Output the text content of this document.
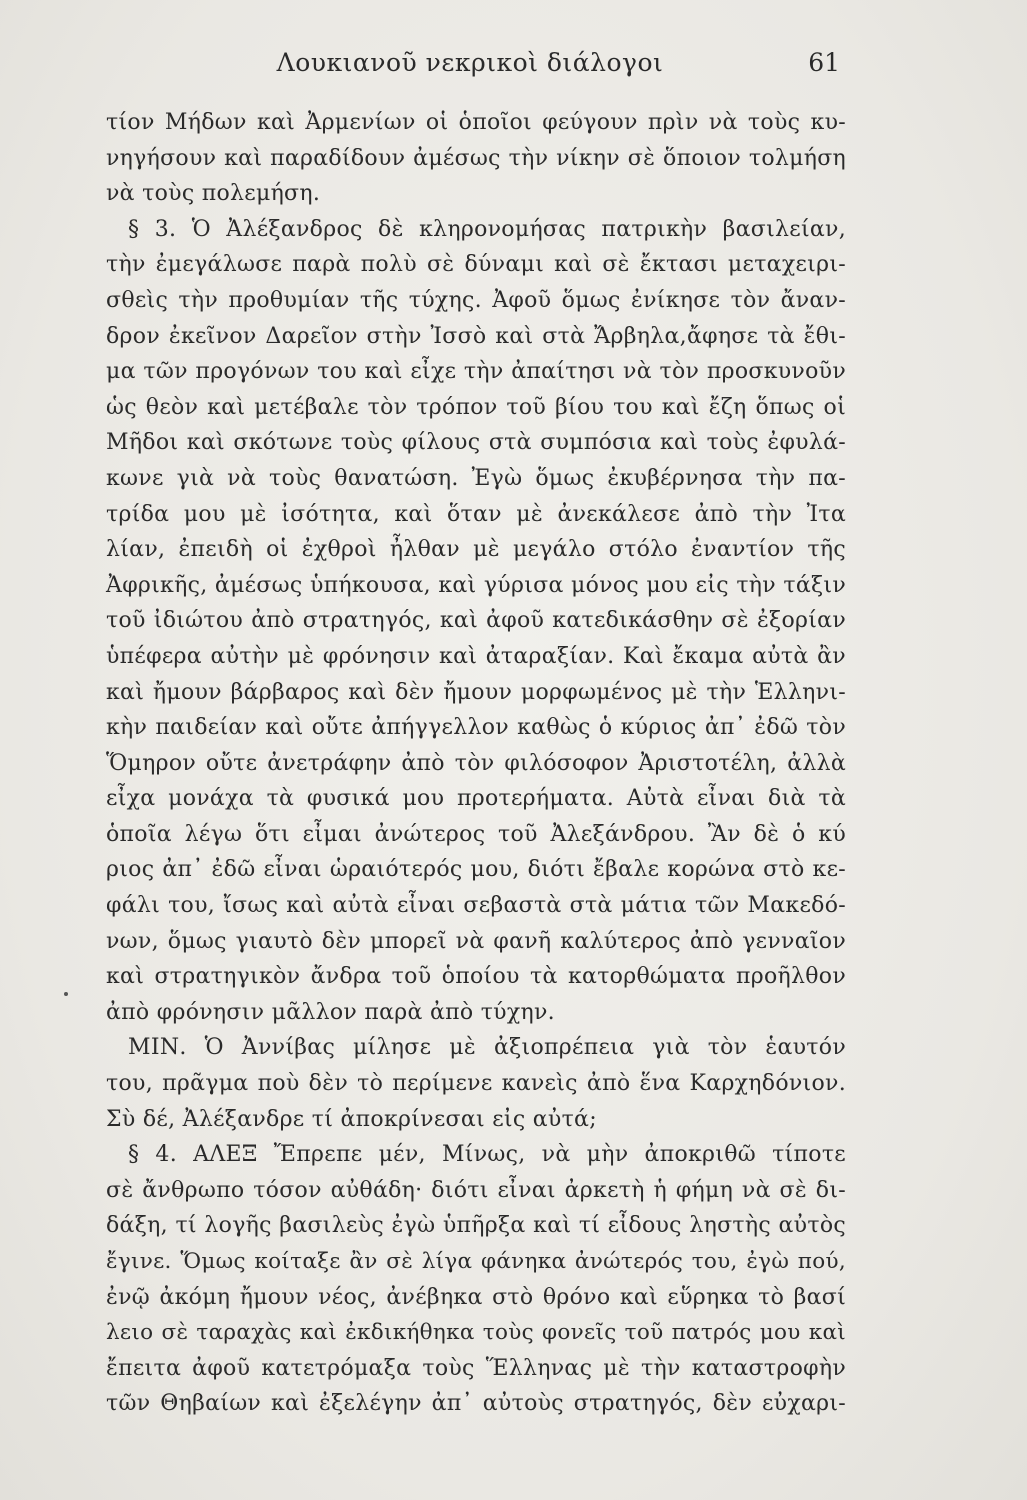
Λουκιανοῦ νεκρικοὶ διάλογοι	61
τίον Μήδων καὶ Ἀρμενίων οἱ ὁποῖοι φεύγουν πρὶν νὰ τοὺς κυ-
νηγήσουν καὶ παραδίδουν ἀμέσως τὴν νίκην σὲ ὅποιον τολμήση
νὰ τοὺς πολεμήση.
§ 3. Ὁ Ἀλέξανδρος δὲ κληρονομήσας πατρικὴν βασιλείαν,
τὴν ἐμεγάλωσε παρὰ πολὺ σὲ δύναμι καὶ σὲ ἔκτασι μεταχειρι-
σθεὶς τὴν προθυμίαν τῆς τύχης. Ἀφοῦ ὅμως ἐνίκησε τὸν ἄναν-
δρον ἐκεῖνον Δαρεῖον στὴν Ἰσσὸ καὶ στὰ Ἄρβηλα,ἄφησε τὰ ἔθι-
μα τῶν προγόνων του καὶ εἶχε τὴν ἀπαίτησι νὰ τὸν προσκυνοῦν
ὡς θεὸν καὶ μετέβαλε τὸν τρόπον τοῦ βίου του καὶ ἔζη ὅπως οἱ
Μῆδοι καὶ σκότωνε τοὺς φίλους στὰ συμπόσια καὶ τοὺς ἐφυλά-
κωνε γιὰ νὰ τοὺς θανατώση. Ἐγὼ ὅμως ἐκυβέρνησα τὴν πα-
τρίδα μου μὲ ἰσότητα, καὶ ὅταν μὲ ἀνεκάλεσε ἀπὸ τὴν Ἰτα
λίαν, ἐπειδὴ οἱ ἐχθροὶ ἦλθαν μὲ μεγάλο στόλο ἐναντίον τῆς
Ἀφρικῆς, ἀμέσως ὑπήκουσα, καὶ γύρισα μόνος μου εἰς τὴν τάξιν
τοῦ ἰδιώτου ἀπὸ στρατηγός, καὶ ἀφοῦ κατεδικάσθην σὲ ἐξορίαν
ὑπέφερα αὐτὴν μὲ φρόνησιν καὶ ἀταραξίαν. Καὶ ἔκαμα αὐτὰ ἂν
καὶ ἤμουν βάρβαρος καὶ δὲν ἤμουν μορφωμένος μὲ τὴν Ἑλληνι-
κὴν παιδείαν καὶ οὔτε ἀπήγγελλον καθὼς ὁ κύριος ἀπ᾽ ἐδῶ τὸν
Ὅμηρον οὔτε ἀνετράφην ἀπὸ τὸν φιλόσοφον Ἀριστοτέλη, ἀλλὰ
εἶχα μονάχα τὰ φυσικά μου προτερήματα. Αὐτὰ εἶναι διὰ τὰ
ὁποῖα λέγω ὅτι εἶμαι ἀνώτερος τοῦ Ἀλεξάνδρου. Ἂν δὲ ὁ κύ
ριος ἀπ᾽ ἐδῶ εἶναι ὡραιότερός μου, διότι ἔβαλε κορώνα στὸ κε-
φάλι του, ἴσως καὶ αὐτὰ εἶναι σεβαστὰ στὰ μάτια τῶν Μακεδό-
νων, ὅμως γιαυτὸ δὲν μπορεῖ νὰ φανῆ καλύτερος ἀπὸ γενναῖον
καὶ στρατηγικὸν ἄνδρα τοῦ ὁποίου τὰ κατορθώματα προῆλθον
ἀπὸ φρόνησιν μᾶλλον παρὰ ἀπὸ τύχην.
ΜΙΝ. Ὁ Ἀννίβας μίλησε μὲ ἀξιοπρέπεια γιὰ τὸν ἑαυτόν
του, πρᾶγμα ποὺ δὲν τὸ περίμενε κανεὶς ἀπὸ ἕνα Καρχηδόνιον.
Σὺ δέ, Ἀλέξανδρε τί ἀποκρίνεσαι εἰς αὐτά;
§ 4. ΑΛΕΞ Ἔπρεπε μέν, Μίνως, νὰ μὴν ἀποκριθῶ τίποτε
σὲ ἄνθρωπο τόσον αὐθάδη· διότι εἶναι ἀρκετὴ ἡ φήμη νὰ σὲ δι-
δάξη, τί λογῆς βασιλεὺς ἐγὼ ὑπῆρξα καὶ τί εἶδους ληστὴς αὐτὸς
ἔγινε. Ὅμως κοίταξε ἂν σὲ λίγα φάνηκα ἀνώτερός του, ἐγὼ πού,
ἐνῷ ἀκόμη ἤμουν νέος, ἀνέβηκα στὸ θρόνο καὶ εὕρηκα τὸ βασί
λειο σὲ ταραχὰς καὶ ἐκδικήθηκα τοὺς φονεῖς τοῦ πατρός μου καὶ
ἔπειτα ἀφοῦ κατετρόμαξα τοὺς Ἕλληνας μὲ τὴν καταστροφὴν
τῶν Θηβαίων καὶ ἐξελέγην ἀπ᾽ αὐτοὺς στρατηγός, δὲν εὐχαρι-
